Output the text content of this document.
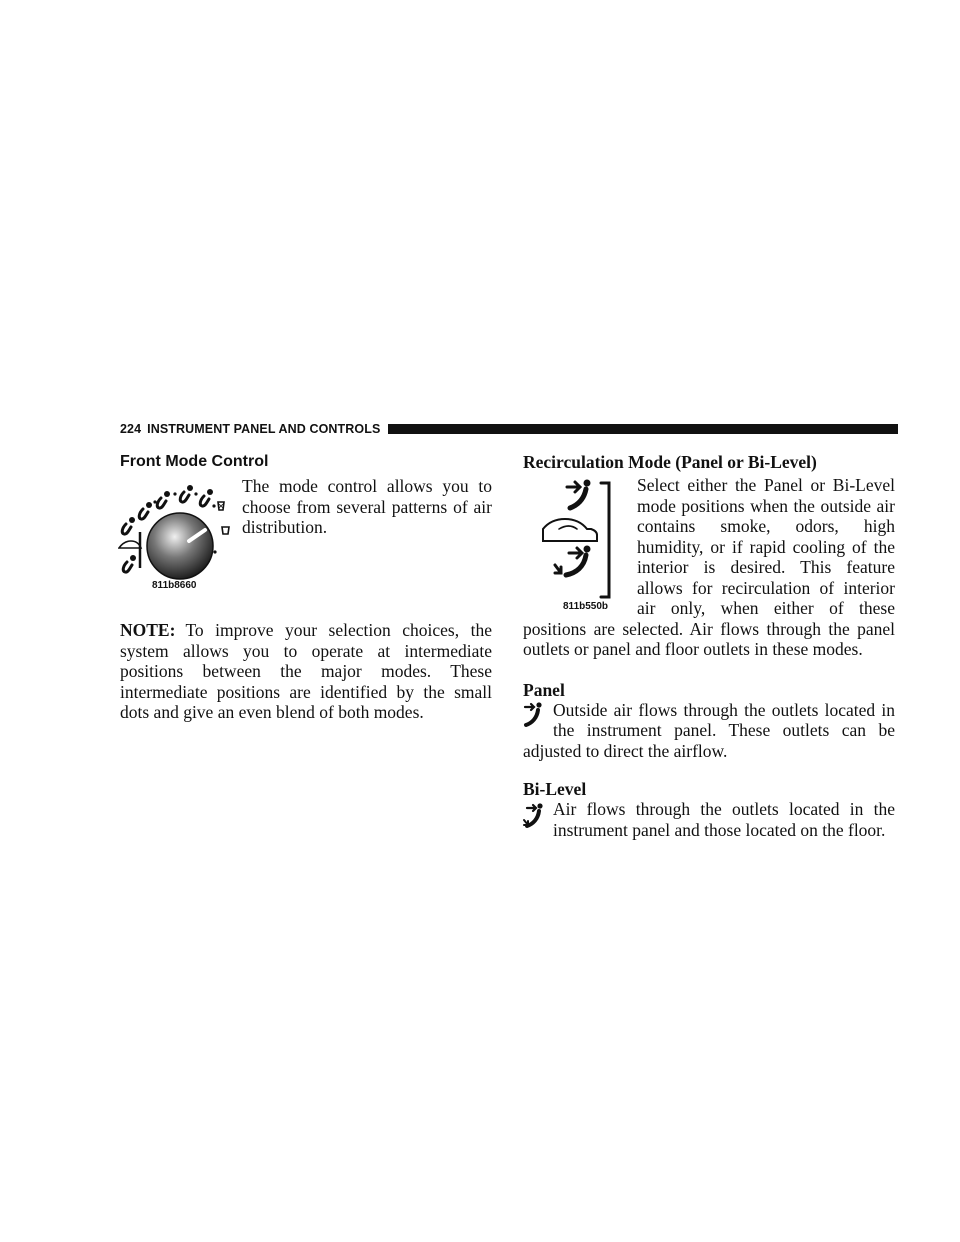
224 INSTRUMENT PANEL AND CONTROLS
Front Mode Control
811b8660

The mode control allows you to choose from several patterns of air distribution.

NOTE: To improve your selection choices, the system allows you to operate at intermediate positions between the major modes. These intermediate positions are identified by the small dots and give an even blend of both modes.

Recirculation Mode (Panel or Bi-Level)
811b550b

Select either the Panel or Bi-Level mode positions when the outside air contains smoke, odors, high humidity, or if rapid cooling of the interior is desired. This feature allows for recirculation of interior air only, when either of these positions are selected. Air flows through the panel outlets or panel and floor outlets in these modes.

Panel

Outside air flows through the outlets located in the instrument panel. These outlets can be adjusted to direct the airflow.

Bi-Level

Air flows through the outlets located in the instrument panel and those located on the floor.
